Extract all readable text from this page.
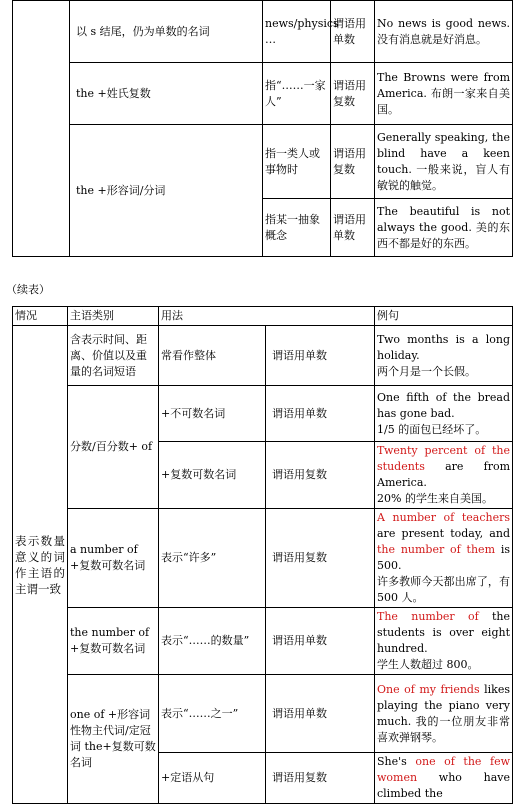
	以 s 结尾，仍为单数的名词	news/physics …	谓语用单数	No news is good news. 没有消息就是好消息。
	the +姓氏复数	指“……一家人”	谓语用复数	The Browns were from America. 布朗一家来自美国。
	the +形容词/分词	指一类人或事物时	谓语用复数	Generally speaking, the blind have a keen touch. 一般来说，盲人有敏锐的触觉。
		指某一抽象概念	谓语用单数	The beautiful is not always the good. 美的东西不都是好的东西。
（续表）
情况	主语类别	用法		例句
表示数量意义的词作主语的主谓一致	含表示时间、距离、价值以及重量的名词短语	常看作整体	谓语用单数	Two months is a long holiday.
两个月是一个长假。
	分数/百分数+ of	+不可数名词	谓语用单数	One fifth of the bread has gone bad.
1/5 的面包已经坏了。
		+复数可数名词	谓语用复数	Twenty percent of the students are from America.
20% 的学生来自美国。
	a number of +复数可数名词	表示“许多”	谓语用复数	A number of teachers are present today, and the number of them is 500.
许多教师今天都出席了，有 500 人。
	the number of +复数可数名词	表示“……的数量”	谓语用单数	The number of the students is over eight hundred.
学生人数超过 800。
	one of +形容词性物主代词/定冠词 the+复数可数名词	表示“……之一”	谓语用单数	One of my friends likes playing the piano very much. 我的一位朋友非常喜欢弹钢琴。
		+定语从句	谓语用复数	She's one of the few women who have climbed the
